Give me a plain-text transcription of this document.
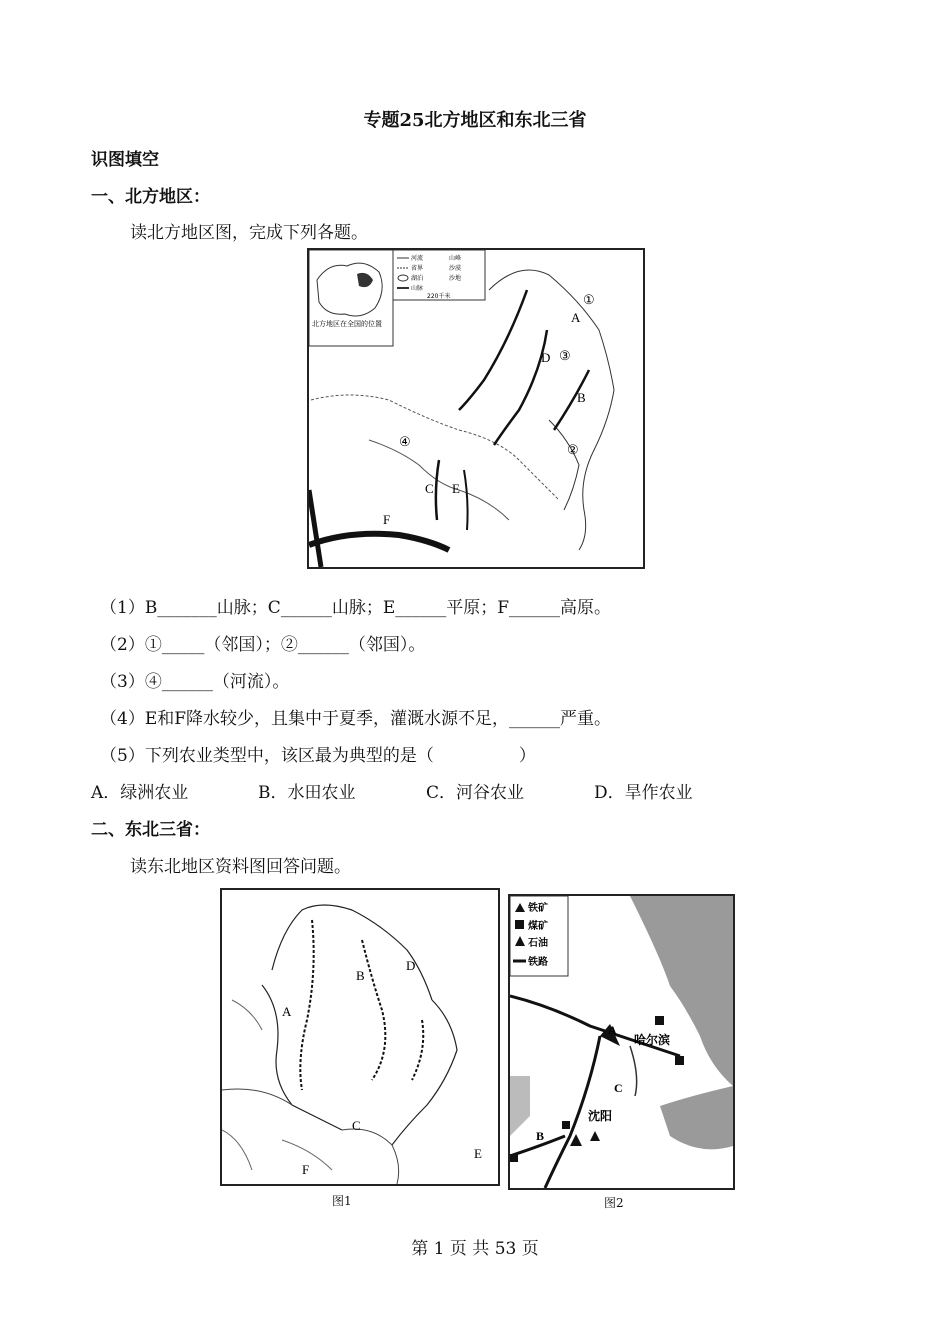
专题25北方地区和东北三省
识图填空
一、北方地区：
读北方地区图，完成下列各题。
北方地区在全国的位置
河流
省界
湖泊
山脉
山峰
沙漠
沙地
220千米
A
B
C
D
E
F
①
②
③
④
（1）B_______山脉；C______山脉；E______平原；F______高原。
（2）①_____（邻国）；②______（邻国）。
（3）④______（河流）。
（4）E和F降水较少，且集中于夏季，灌溉水源不足，______严重。
（5）下列农业类型中，该区最为典型的是（　　　　　）
A．绿洲农业	B．水田农业	C．河谷农业	D．旱作农业
二、东北三省：
读东北地区资料图回答问题。
A
B
C
D
E
F
图1
铁矿
煤矿
石油
铁路
A
B
C
哈尔滨
沈阳
图2
第 1 页 共 53 页
